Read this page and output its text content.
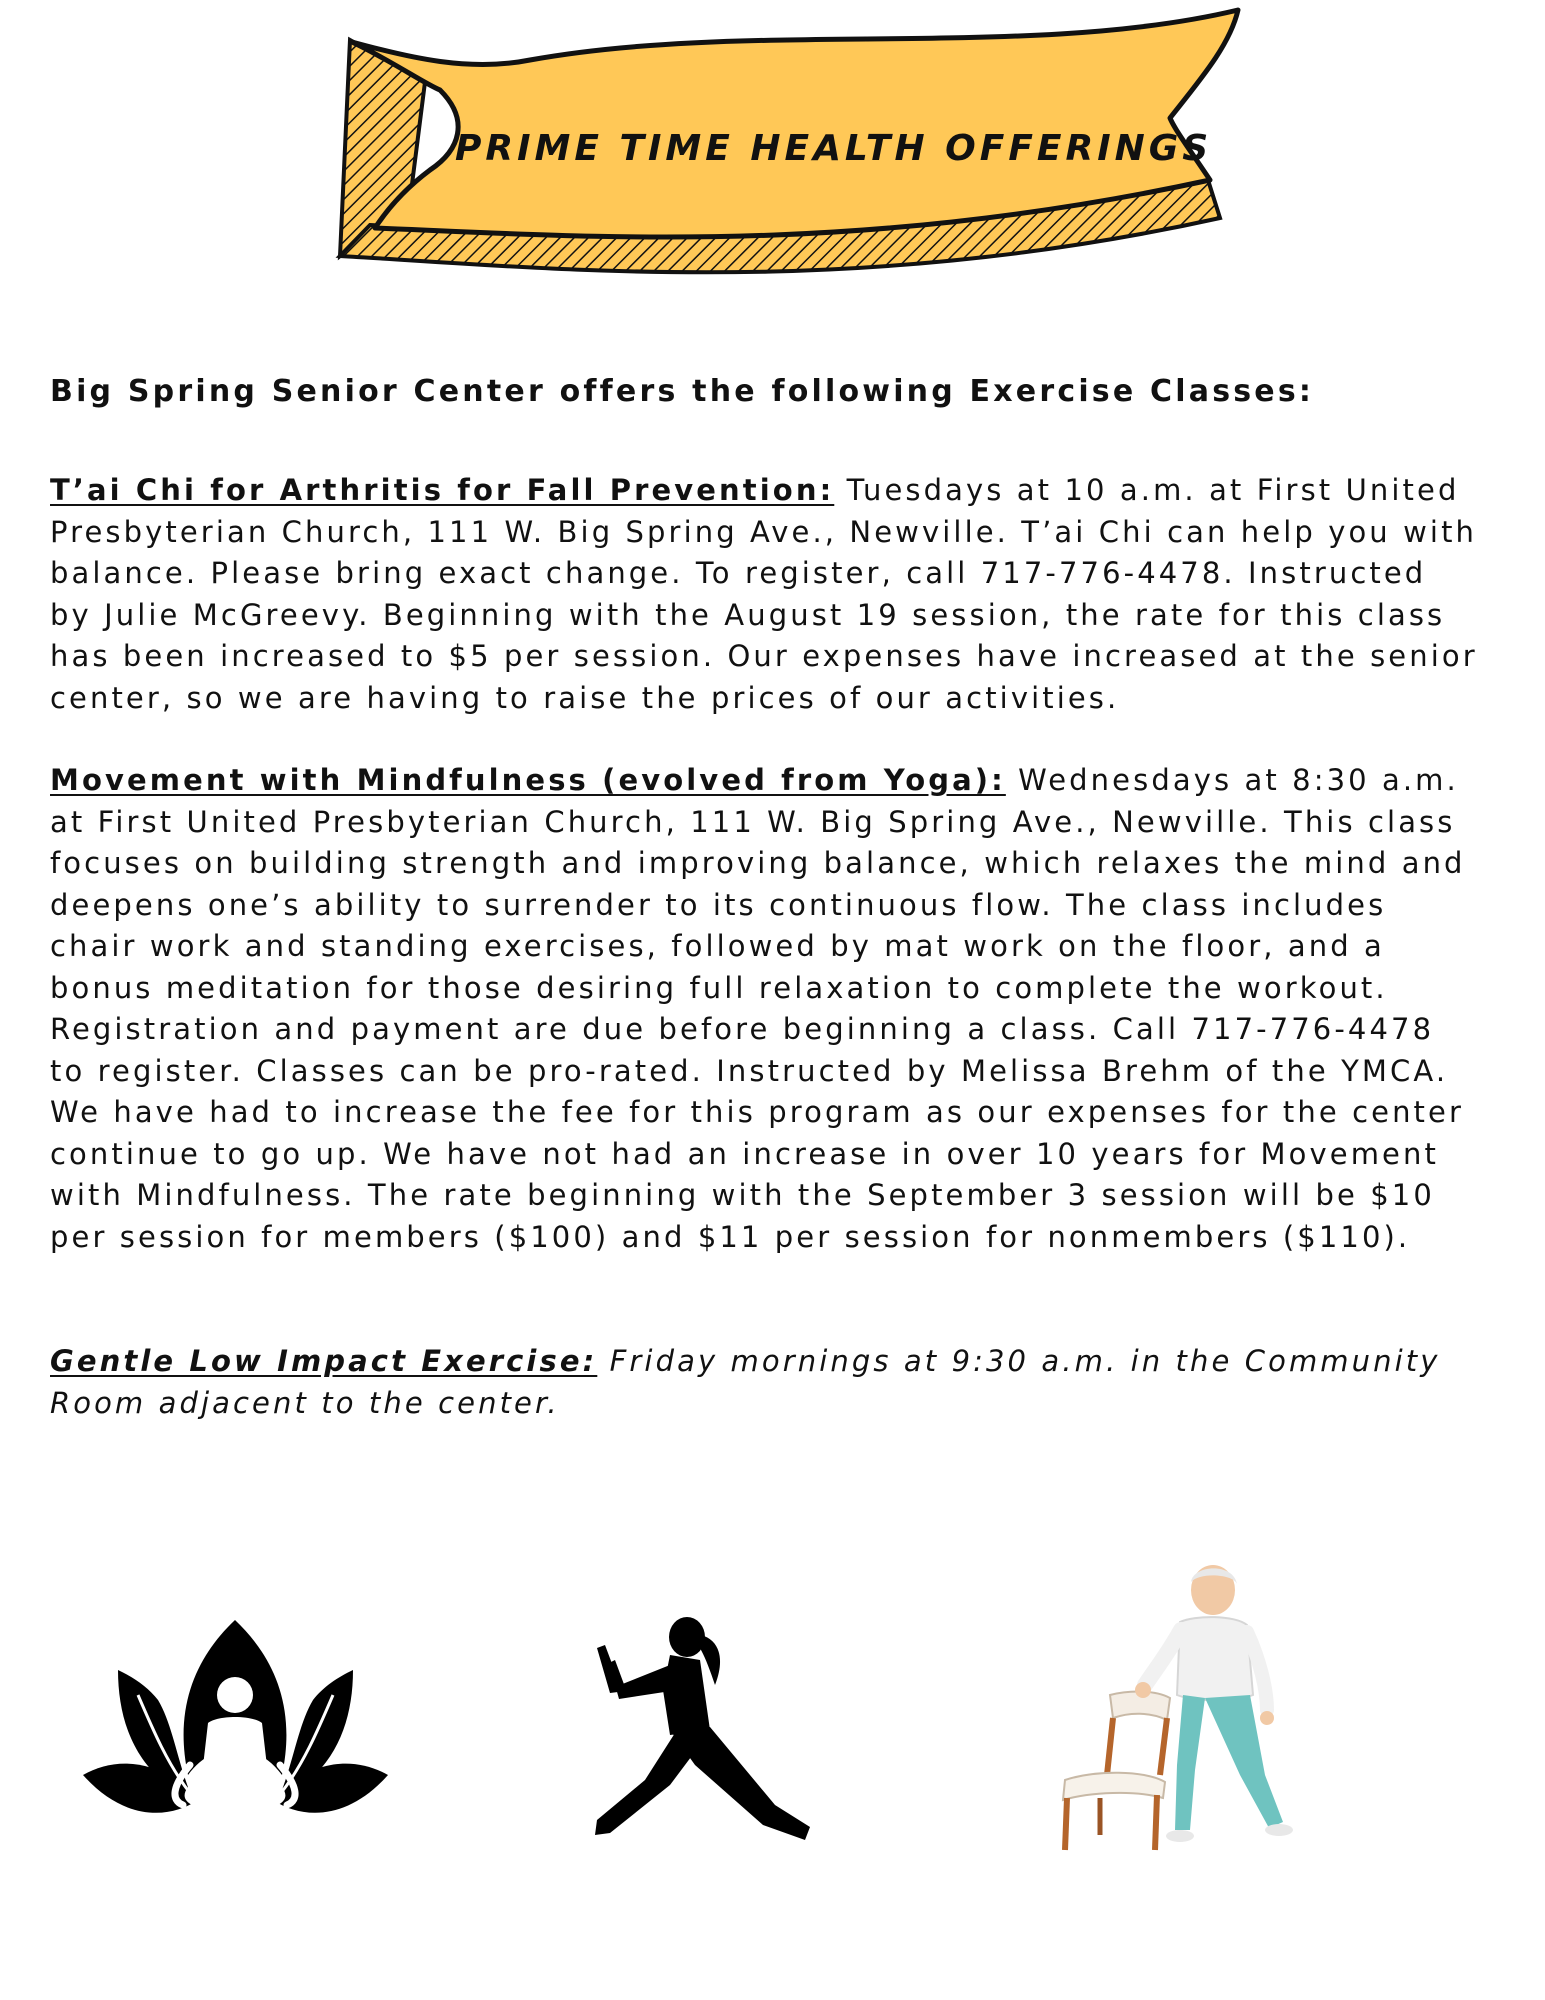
PRIME TIME HEALTH OFFERINGS

Big Spring Senior Center offers the following Exercise Classes:

T’ai Chi for Arthritis for Fall Prevention: Tuesdays at 10 a.m. at First United Presbyterian Church, 111 W. Big Spring Ave., Newville. T’ai Chi can help you with balance. Please bring exact change. To register, call 717-776-4478. Instructed by Julie McGreevy. Beginning with the August 19 session, the rate for this class has been increased to $5 per session. Our expenses have increased at the senior center, so we are having to raise the prices of our activities.

Movement with Mindfulness (evolved from Yoga): Wednesdays at 8:30 a.m. at First United Presbyterian Church, 111 W. Big Spring Ave., Newville. This class focuses on building strength and improving balance, which relaxes the mind and deepens one’s ability to surrender to its continuous flow. The class includes chair work and standing exercises, followed by mat work on the floor, and a bonus meditation for those desiring full relaxation to complete the workout. Registration and payment are due before beginning a class. Call 717-776-4478 to register. Classes can be pro-rated. Instructed by Melissa Brehm of the YMCA. We have had to increase the fee for this program as our expenses for the center continue to go up. We have not had an increase in over 10 years for Movement with Mindfulness. The rate beginning with the September 3 session will be $10 per session for members ($100) and $11 per session for nonmembers ($110).

Gentle Low Impact Exercise: Friday mornings at 9:30 a.m. in the Community Room adjacent to the center.
